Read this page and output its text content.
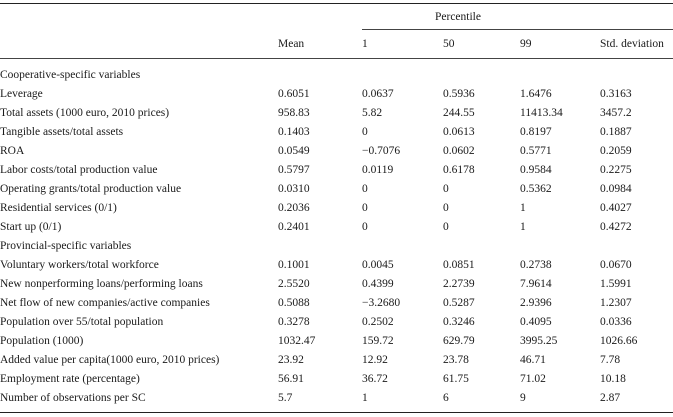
Percentile
Mean	1	50	99	Std. deviation
Cooperative-specific variables
Leverage	0.6051	0.0637	0.5936	1.6476	0.3163
Total assets (1000 euro, 2010 prices)	958.83	5.82	244.55	11413.34	3457.2
Tangible assets/total assets	0.1403	0	0.0613	0.8197	0.1887
ROA	0.0549	−0.7076	0.0602	0.5771	0.2059
Labor costs/total production value	0.5797	0.0119	0.6178	0.9584	0.2275
Operating grants/total production value	0.0310	0	0	0.5362	0.0984
Residential services (0/1)	0.2036	0	0	1	0.4027
Start up (0/1)	0.2401	0	0	1	0.4272
Provincial-specific variables
Voluntary workers/total workforce	0.1001	0.0045	0.0851	0.2738	0.0670
New nonperforming loans/performing loans	2.5520	0.4399	2.2739	7.9614	1.5991
Net flow of new companies/active companies	0.5088	−3.2680	0.5287	2.9396	1.2307
Population over 55/total population	0.3278	0.2502	0.3246	0.4095	0.0336
Population (1000)	1032.47	159.72	629.79	3995.25	1026.66
Added value per capita(1000 euro, 2010 prices)	23.92	12.92	23.78	46.71	7.78
Employment rate (percentage)	56.91	36.72	61.75	71.02	10.18
Number of observations per SC	5.7	1	6	9	2.87
